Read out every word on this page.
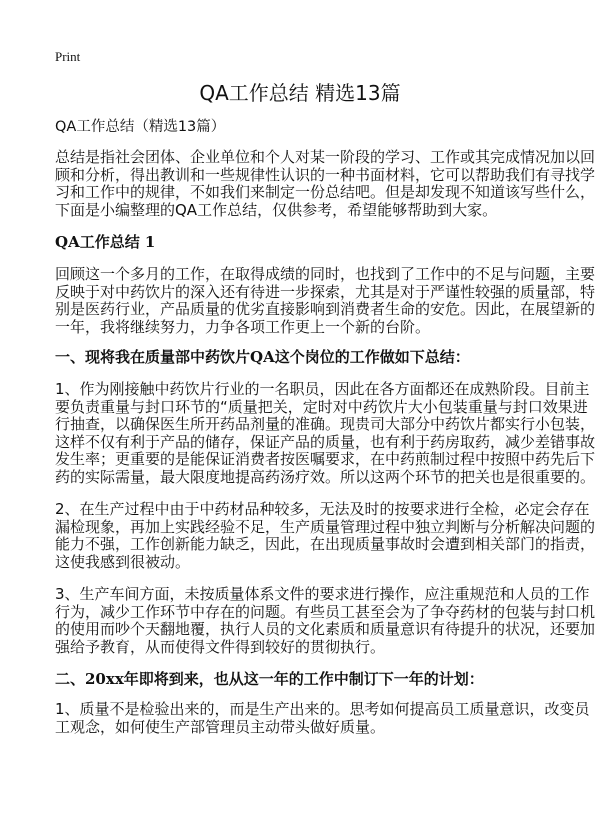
Print
QA工作总结 精选13篇
QA工作总结（精选13篇）
总结是指社会团体、企业单位和个人对某一阶段的学习、工作或其完成情况加以回
顾和分析，得出教训和一些规律性认识的一种书面材料，它可以帮助我们有寻找学
习和工作中的规律，不如我们来制定一份总结吧。但是却发现不知道该写些什么，
下面是小编整理的QA工作总结，仅供参考，希望能够帮助到大家。
QA工作总结 1
回顾这一个多月的工作，在取得成绩的同时，也找到了工作中的不足与问题，主要
反映于对中药饮片的深入还有待进一步探索，尤其是对于严谨性较强的质量部，特
别是医药行业，产品质量的优劣直接影响到消费者生命的安危。因此，在展望新的
一年，我将继续努力，力争各项工作更上一个新的台阶。
一、现将我在质量部中药饮片QA这个岗位的工作做如下总结：
1、作为刚接触中药饮片行业的一名职员，因此在各方面都还在成熟阶段。目前主
要负责重量与封口环节的“质量把关，定时对中药饮片大小包装重量与封口效果进
行抽查，以确保医生所开药品剂量的准确。现贵司大部分中药饮片都实行小包装，
这样不仅有利于产品的储存，保证产品的质量，也有利于药房取药，减少差错事故
发生率；更重要的是能保证消费者按医嘱要求，在中药煎制过程中按照中药先后下
药的实际需量，最大限度地提高药汤疗效。所以这两个环节的把关也是很重要的。
2、在生产过程中由于中药材品种较多，无法及时的按要求进行全检，必定会存在
漏检现象，再加上实践经验不足，生产质量管理过程中独立判断与分析解决问题的
能力不强，工作创新能力缺乏，因此，在出现质量事故时会遭到相关部门的指责，
这使我感到很被动。
3、生产车间方面，未按质量体系文件的要求进行操作，应注重规范和人员的工作
行为，减少工作环节中存在的问题。有些员工甚至会为了争夺药材的包装与封口机
的使用而吵个天翻地覆，执行人员的文化素质和质量意识有待提升的状况，还要加
强给予教育，从而使得文件得到较好的贯彻执行。
二、20xx年即将到来，也从这一年的工作中制订下一年的计划：
1、质量不是检验出来的，而是生产出来的。思考如何提高员工质量意识，改变员
工观念，如何使生产部管理员主动带头做好质量。
